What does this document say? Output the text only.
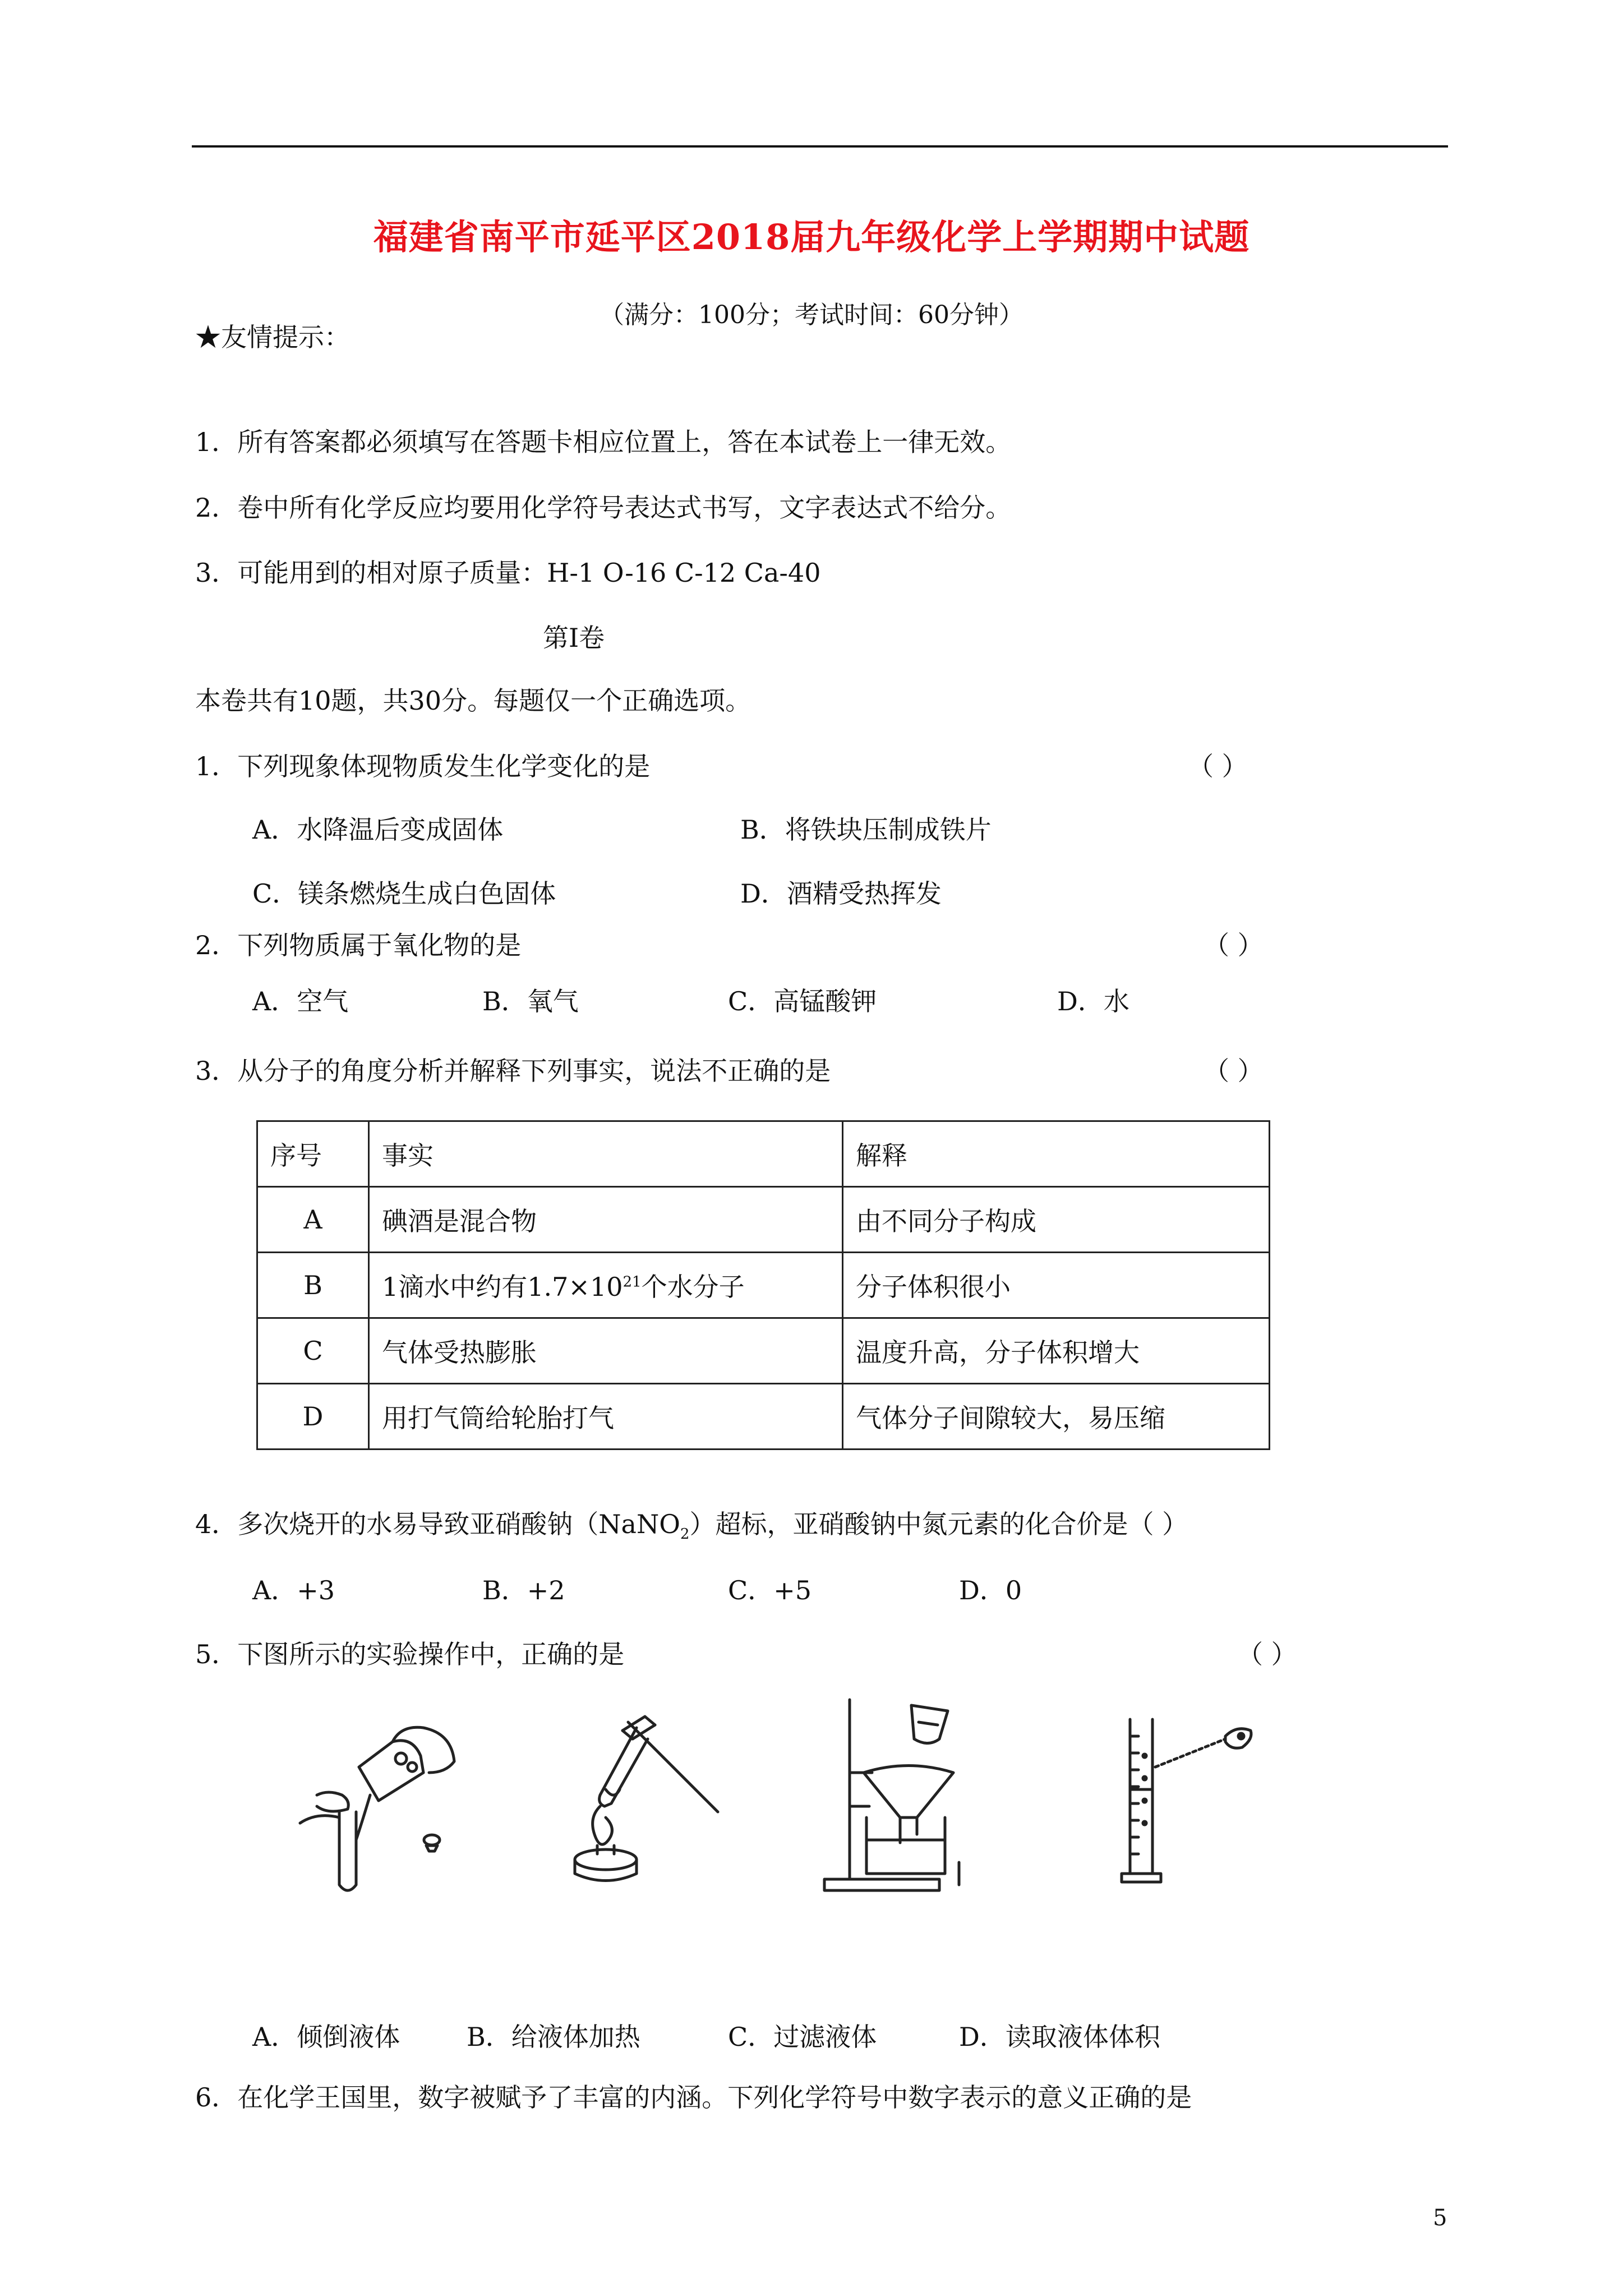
福建省南平市延平区2018届九年级化学上学期期中试题
（满分：100分；考试时间：60分钟）
★友情提示：
1．所有答案都必须填写在答题卡相应位置上，答在本试卷上一律无效。
2．卷中所有化学反应均要用化学符号表达式书写，文字表达式不给分。
3．可能用到的相对原子质量：H-1 O-16 C-12 Ca-40
第Ⅰ卷
本卷共有10题，共30分。每题仅一个正确选项。
1．下列现象体现物质发生化学变化的是	（ ）
A．水降温后变成固体	B．将铁块压制成铁片
C．镁条燃烧生成白色固体	D．酒精受热挥发
2．下列物质属于氧化物的是	（ ）
A．空气	B．氧气	C．高锰酸钾	D．水
3．从分子的角度分析并解释下列事实，说法不正确的是	（ ）
序号	事实	解释
A	碘酒是混合物	由不同分子构成
B	1滴水中约有$1.7\times 10^{21}$个水分子	分子体积很小
C	气体受热膨胀	温度升高，分子体积增大
D	用打气筒给轮胎打气	气体分子间隙较大，易压缩
4．多次烧开的水易导致亚硝酸钠（NaNO$_2$）超标，亚硝酸钠中氮元素的化合价是（ ）
A．+3	B．+2	C．+5	D．0
5．下图所示的实验操作中，正确的是	（ ）
A．倾倒液体	B．给液体加热	C．过滤液体	D．读取液体体积
6．在化学王国里，数字被赋予了丰富的内涵。下列化学符号中数字表示的意义正确的是
5
